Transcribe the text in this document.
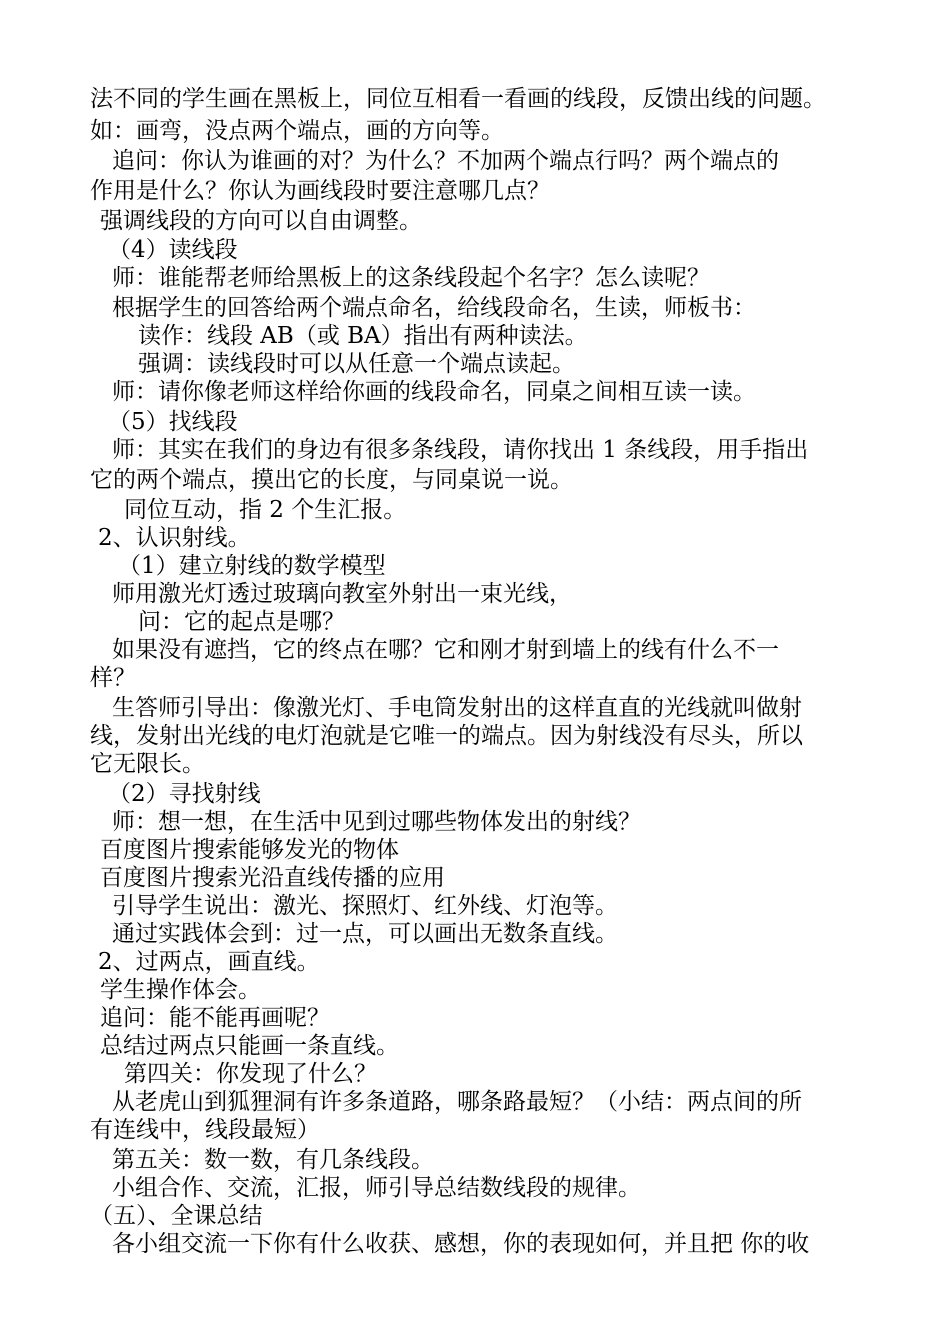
法不同的学生画在黑板上，同位互相看一看画的线段，反馈出线的问题。
如：画弯，没点两个端点，画的方向等。
追问：你认为谁画的对？为什么？不加两个端点行吗？两个端点的
作用是什么？你认为画线段时要注意哪几点？
强调线段的方向可以自由调整。
（4）读线段
师：谁能帮老师给黑板上的这条线段起个名字？怎么读呢？
根据学生的回答给两个端点命名，给线段命名，生读，师板书：
读作：线段 AB（或 BA）指出有两种读法。
强调：读线段时可以从任意一个端点读起。
师：请你像老师这样给你画的线段命名，同桌之间相互读一读。
（5）找线段
师：其实在我们的身边有很多条线段，请你找出 1 条线段，用手指出
它的两个端点，摸出它的长度，与同桌说一说。
同位互动，指 2 个生汇报。
2、认识射线。
（1）建立射线的数学模型
师用激光灯透过玻璃向教室外射出一束光线，
问：它的起点是哪？
如果没有遮挡，它的终点在哪？它和刚才射到墙上的线有什么不一
样？
生答师引导出：像激光灯、手电筒发射出的这样直直的光线就叫做射
线，发射出光线的电灯泡就是它唯一的端点。因为射线没有尽头，所以
它无限长。
（2）寻找射线
师：想一想，在生活中见到过哪些物体发出的射线？
百度图片搜索能够发光的物体
百度图片搜索光沿直线传播的应用
引导学生说出：激光、探照灯、红外线、灯泡等。
通过实践体会到：过一点，可以画出无数条直线。
2、过两点，画直线。
学生操作体会。
追问：能不能再画呢？
总结过两点只能画一条直线。
第四关：你发现了什么？
从老虎山到狐狸洞有许多条道路，哪条路最短？（小结：两点间的所
有连线中，线段最短）
第五关：数一数，有几条线段。
小组合作、交流，汇报，师引导总结数线段的规律。
（五）、全课总结
各小组交流一下你有什么收获、感想，你的表现如何，并且把 你的收
